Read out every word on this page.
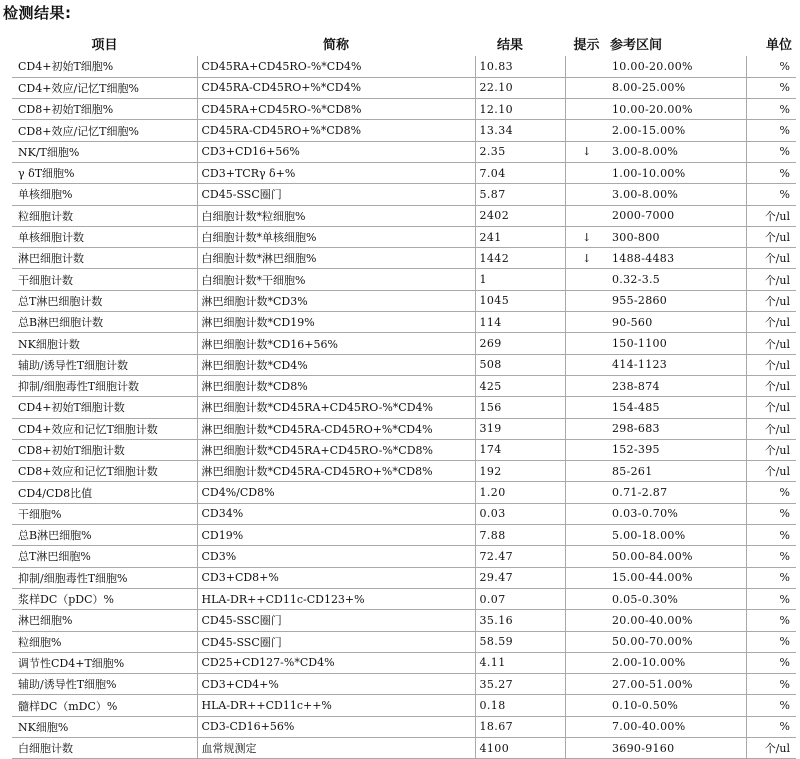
检测结果:
项目	简称	结果	提示	参考区间	单位
CD4+初始T细胞%	CD45RA+CD45RO-%*CD4%	10.83		10.00-20.00%	%
CD4+效应/记忆T细胞%	CD45RA-CD45RO+%*CD4%	22.10		8.00-25.00%	%
CD8+初始T细胞%	CD45RA+CD45RO-%*CD8%	12.10		10.00-20.00%	%
CD8+效应/记忆T细胞%	CD45RA-CD45RO+%*CD8%	13.34		2.00-15.00%	%
NK/T细胞%	CD3+CD16+56%	2.35	↓	3.00-8.00%	%
γ δT细胞%	CD3+TCRγ δ+%	7.04		1.00-10.00%	%
单核细胞%	CD45-SSC圈门	5.87		3.00-8.00%	%
粒细胞计数	白细胞计数*粒细胞%	2402		2000-7000	个/ul
单核细胞计数	白细胞计数*单核细胞%	241	↓	300-800	个/ul
淋巴细胞计数	白细胞计数*淋巴细胞%	1442	↓	1488-4483	个/ul
干细胞计数	白细胞计数*干细胞%	1		0.32-3.5	个/ul
总T淋巴细胞计数	淋巴细胞计数*CD3%	1045		955-2860	个/ul
总B淋巴细胞计数	淋巴细胞计数*CD19%	114		90-560	个/ul
NK细胞计数	淋巴细胞计数*CD16+56%	269		150-1100	个/ul
辅助/诱导性T细胞计数	淋巴细胞计数*CD4%	508		414-1123	个/ul
抑制/细胞毒性T细胞计数	淋巴细胞计数*CD8%	425		238-874	个/ul
CD4+初始T细胞计数	淋巴细胞计数*CD45RA+CD45RO-%*CD4%	156		154-485	个/ul
CD4+效应和记忆T细胞计数	淋巴细胞计数*CD45RA-CD45RO+%*CD4%	319		298-683	个/ul
CD8+初始T细胞计数	淋巴细胞计数*CD45RA+CD45RO-%*CD8%	174		152-395	个/ul
CD8+效应和记忆T细胞计数	淋巴细胞计数*CD45RA-CD45RO+%*CD8%	192		85-261	个/ul
CD4/CD8比值	CD4%/CD8%	1.20		0.71-2.87	%
干细胞%	CD34%	0.03		0.03-0.70%	%
总B淋巴细胞%	CD19%	7.88		5.00-18.00%	%
总T淋巴细胞%	CD3%	72.47		50.00-84.00%	%
抑制/细胞毒性T细胞%	CD3+CD8+%	29.47		15.00-44.00%	%
浆样DC（pDC）%	HLA-DR++CD11c-CD123+%	0.07		0.05-0.30%	%
淋巴细胞%	CD45-SSC圈门	35.16		20.00-40.00%	%
粒细胞%	CD45-SSC圈门	58.59		50.00-70.00%	%
调节性CD4+T细胞%	CD25+CD127-%*CD4%	4.11		2.00-10.00%	%
辅助/诱导性T细胞%	CD3+CD4+%	35.27		27.00-51.00%	%
髓样DC（mDC）%	HLA-DR++CD11c++%	0.18		0.10-0.50%	%
NK细胞%	CD3-CD16+56%	18.67		7.00-40.00%	%
白细胞计数	血常规测定	4100		3690-9160	个/ul
